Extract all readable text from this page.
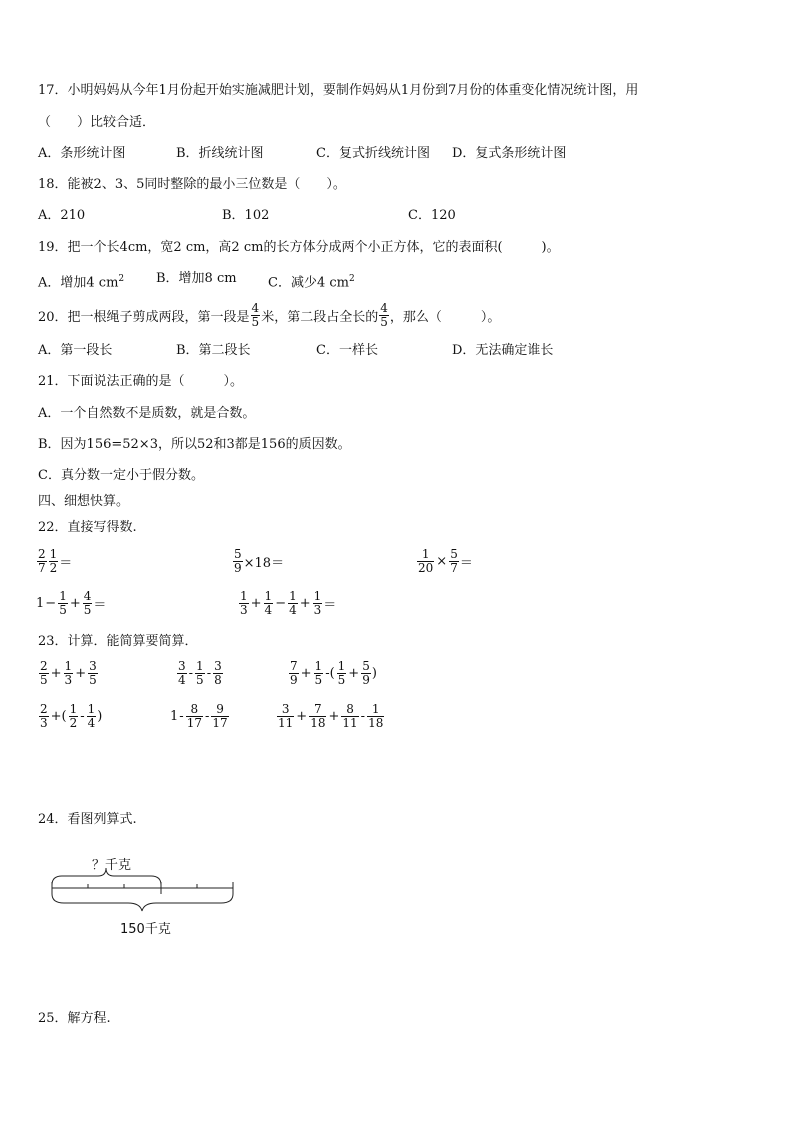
17．小明妈妈从今年1月份起开始实施减肥计划，要制作妈妈从1月份到7月份的体重变化情况统计图，用
（　　）比较合适．
A．条形统计图	B．折线统计图	C．复式折线统计图 D．复式条形统计图
18．能被2、3、5同时整除的最小三位数是（　　）。
A．210	B．102	C．120
19．把一个长4cm，宽2 cm，高2 cm的长方体分成两个小正方体，它的表面积(　　　)。
A．增加4 $cm^2$ B．增加8 cm C．减少4 $cm^2$
20．把一根绳子剪成两段，第一段是 $\frac{4}{5}$ 米，第二段占全长的 $\frac{4}{5}$ ，那么（　　　）。
A．第一段长	B．第二段长	C．一样长	D．无法确定谁长
21．下面说法正确的是（　　　）。
A．一个自然数不是质数，就是合数。
B．因为156=52×3，所以52和3都是156的质因数。
C．真分数一定小于假分数。
四、细想快算。
22．直接写得数.
$\frac{2}{7} \frac{1}{2}$ ＝	$\frac{5}{9} \times 18=$	$\frac{1}{20} \times \frac{5}{7}$ ＝
$1 - \frac{1}{5} + \frac{4}{5}$ ＝	$\frac{1}{3} + \frac{1}{4} - \frac{1}{4} + \frac{1}{3}$ ＝
23．计算．能简算要简算．
$\frac{2}{5} + \frac{1}{3} + \frac{3}{5}$	$\frac{3}{4} - \frac{1}{5} - \frac{3}{8}$	$\frac{7}{9} + \frac{1}{5}$ -( $\frac{1}{5} + \frac{5}{9}$ )
$\frac{2}{3}$ +( $\frac{1}{2} - \frac{1}{4}$ )	$1 - \frac{8}{17} - \frac{9}{17}$	$\frac{3}{11} + \frac{7}{18} + \frac{8}{11} - \frac{1}{18}$
24．看图列算式.
？千克
150千克
25．解方程.
